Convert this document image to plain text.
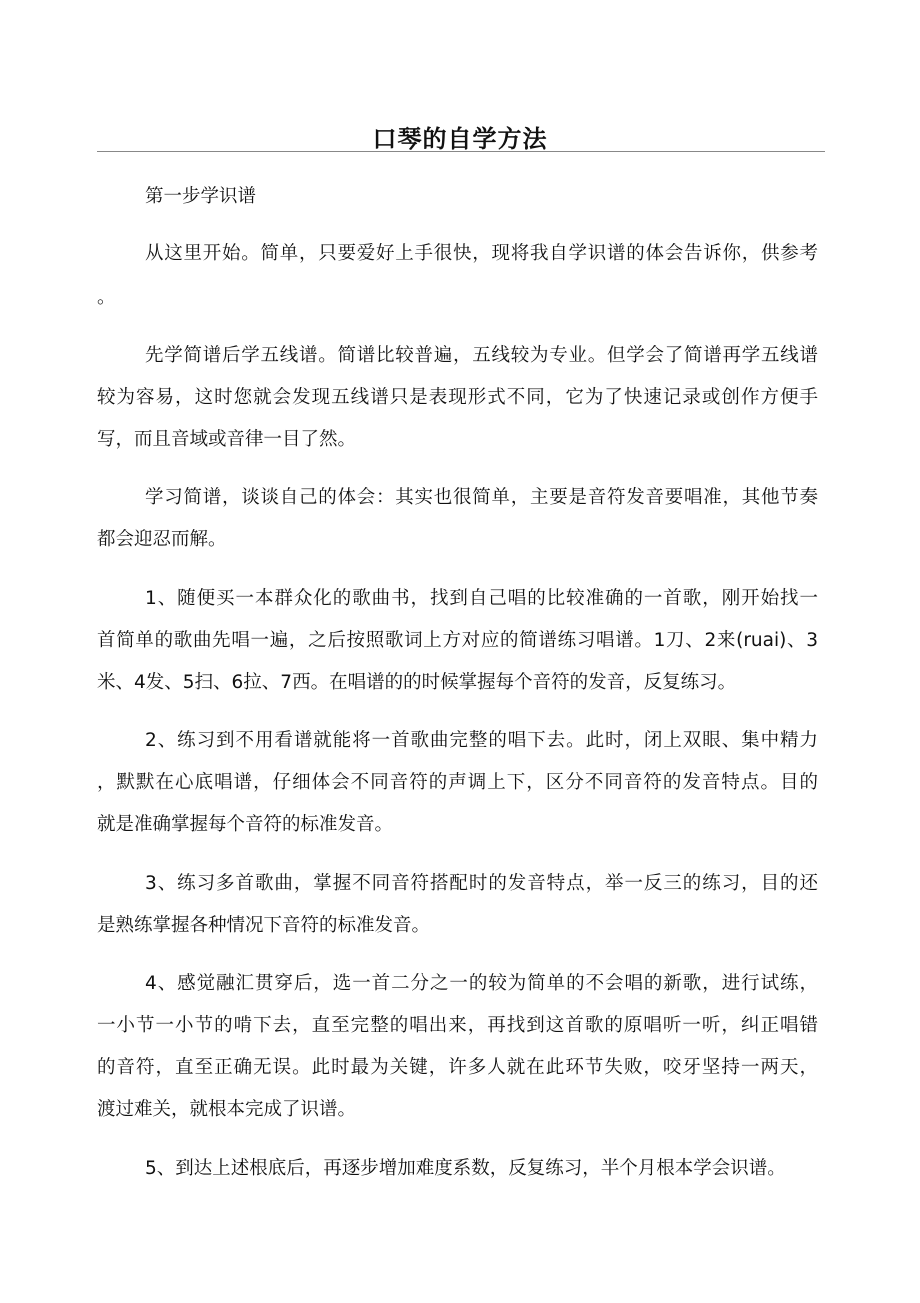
口琴的自学方法
第一步学识谱
从这里开始。简单，只要爱好上手很快，现将我自学识谱的体会告诉你，供参考
。
先学简谱后学五线谱。简谱比较普遍，五线较为专业。但学会了简谱再学五线谱
较为容易，这时您就会发现五线谱只是表现形式不同，它为了快速记录或创作方便手
写，而且音域或音律一目了然。
学习简谱，谈谈自己的体会：其实也很简单，主要是音符发音要唱准，其他节奏
都会迎忍而解。
1、随便买一本群众化的歌曲书，找到自己唱的比较准确的一首歌，刚开始找一
首简单的歌曲先唱一遍，之后按照歌词上方对应的简谱练习唱谱。1刀、2来(ruai)、3
米、4发、5扫、6拉、7西。在唱谱的的时候掌握每个音符的发音，反复练习。
2、练习到不用看谱就能将一首歌曲完整的唱下去。此时，闭上双眼、集中精力
，默默在心底唱谱，仔细体会不同音符的声调上下，区分不同音符的发音特点。目的
就是准确掌握每个音符的标准发音。
3、练习多首歌曲，掌握不同音符搭配时的发音特点，举一反三的练习，目的还
是熟练掌握各种情况下音符的标准发音。
4、感觉融汇贯穿后，选一首二分之一的较为简单的不会唱的新歌，进行试练，
一小节一小节的啃下去，直至完整的唱出来，再找到这首歌的原唱听一听，纠正唱错
的音符，直至正确无误。此时最为关键，许多人就在此环节失败，咬牙坚持一两天，
渡过难关，就根本完成了识谱。
5、到达上述根底后，再逐步增加难度系数，反复练习，半个月根本学会识谱。
